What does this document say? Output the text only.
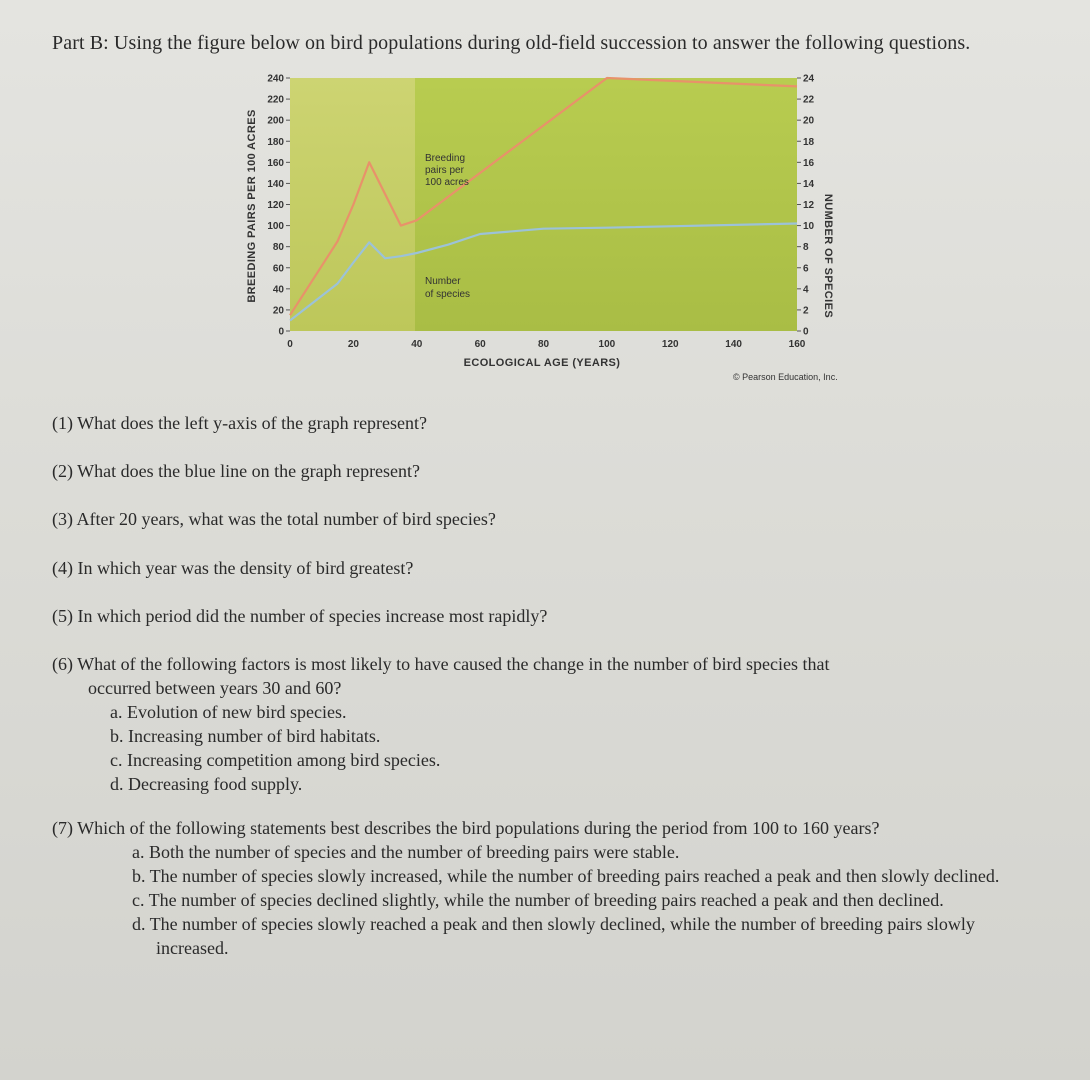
Part B: Using the figure below on bird populations during old-field succession to answer the following questions.
0
20
40
60
80
100
120
140
160
180
200
220
240
0
2
4
6
8
10
12
14
16
18
20
22
24
0	20	40	60	80	100	120	140	160
BREEDING PAIRS PER 100 ACRES	NUMBER OF SPECIES
ECOLOGICAL AGE (YEARS)
Breeding
pairs per
100 acres
Number
of species
© Pearson Education, Inc.
(1) What does the left y-axis of the graph represent?
(2) What does the blue line on the graph represent?
(3) After 20 years, what was the total number of bird species?
(4) In which year was the density of bird greatest?
(5) In which period did the number of species increase most rapidly?
(6) What of the following factors is most likely to have caused the change in the number of bird species that
occurred between years 30 and 60?
a. Evolution of new bird species.
b. Increasing number of bird habitats.
c. Increasing competition among bird species.
d. Decreasing food supply.
(7) Which of the following statements best describes the bird populations during the period from 100 to 160 years?
a. Both the number of species and the number of breeding pairs were stable.
b. The number of species slowly increased, while the number of breeding pairs reached a peak and then slowly declined.
c. The number of species declined slightly, while the number of breeding pairs reached a peak and then declined.
d. The number of species slowly reached a peak and then slowly declined, while the number of breeding pairs slowly increased.
